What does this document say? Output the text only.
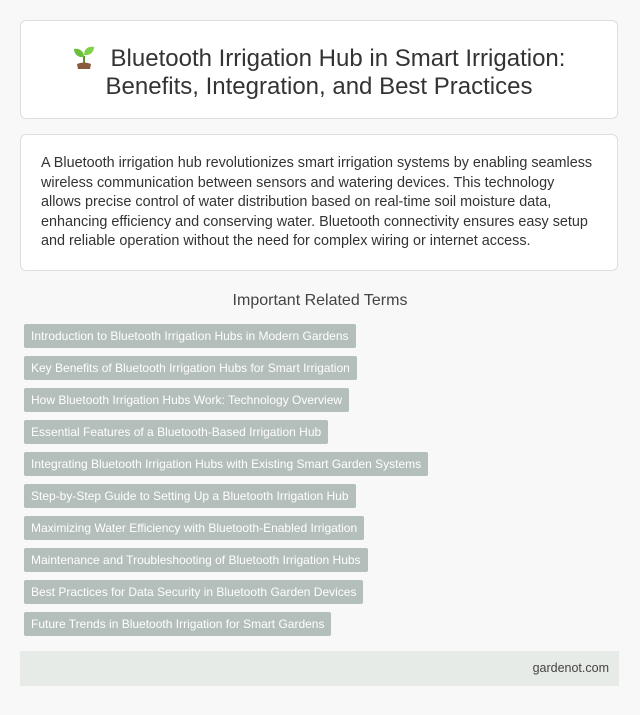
Bluetooth Irrigation Hub in Smart Irrigation: Benefits, Integration, and Best Practices

A Bluetooth irrigation hub revolutionizes smart irrigation systems by enabling seamless wireless communication between sensors and watering devices. This technology allows precise control of water distribution based on real-time soil moisture data, enhancing efficiency and conserving water. Bluetooth connectivity ensures easy setup and reliable operation without the need for complex wiring or internet access.

Important Related Terms
Introduction to Bluetooth Irrigation Hubs in Modern Gardens
Key Benefits of Bluetooth Irrigation Hubs for Smart Irrigation
How Bluetooth Irrigation Hubs Work: Technology Overview
Essential Features of a Bluetooth-Based Irrigation Hub
Integrating Bluetooth Irrigation Hubs with Existing Smart Garden Systems
Step-by-Step Guide to Setting Up a Bluetooth Irrigation Hub
Maximizing Water Efficiency with Bluetooth-Enabled Irrigation
Maintenance and Troubleshooting of Bluetooth Irrigation Hubs
Best Practices for Data Security in Bluetooth Garden Devices
Future Trends in Bluetooth Irrigation for Smart Gardens
gardenot.com
